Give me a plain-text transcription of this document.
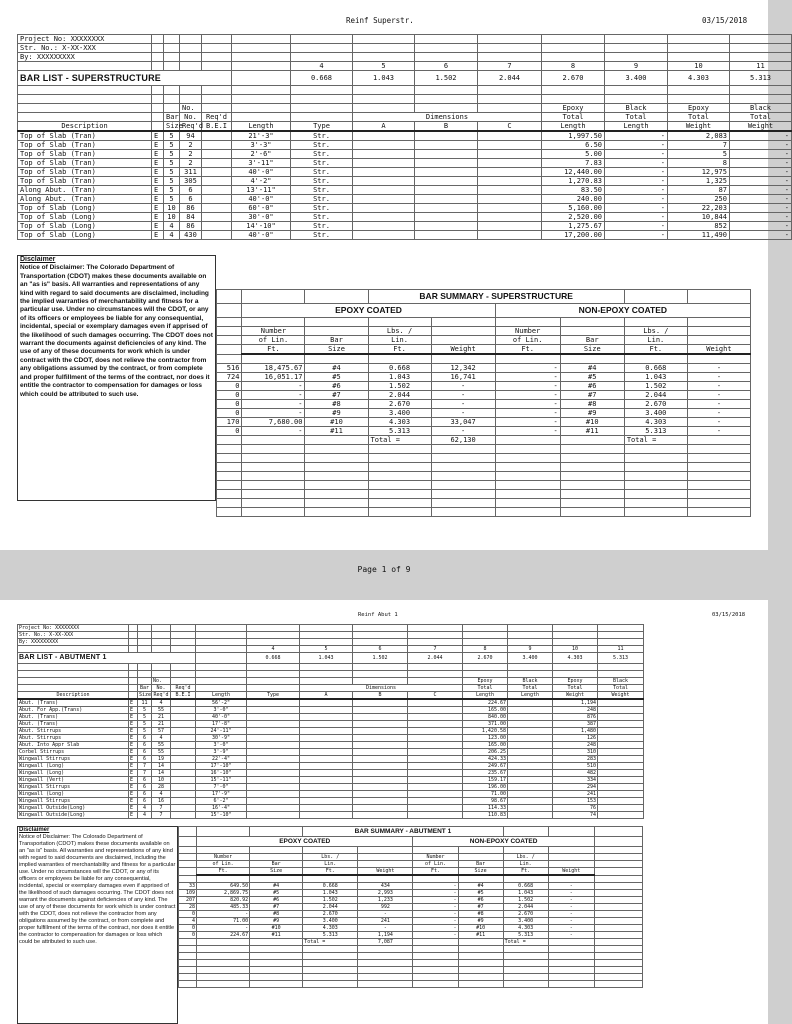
Reinf Superstr.	03/15/2018
Project No: XXXXXXXX													
Str. No.: X-XX-XXX													
By: XXXXXXXXX													
						4	5	6	7	8	9	10	11
BAR LIST - SUPERSTRUCTURE						0.668	1.043	1.502	2.044	2.670	3.400	4.303	5.313

			No.							Epoxy	Black	Epoxy	Black
		Bar	No.	Req'd			Dimensions			Total	Total	Total	Total
Description		Size	Req'd	B.E.I	Length	Type	A	B	C	Length	Length	Weight	Weight
Top of Slab (Tran)	E	5	94		21'-3"	Str.				1,997.50	-	2,083	-
Top of Slab (Tran)	E	5	2		3'-3"	Str.				6.50	-	7	-
Top of Slab (Tran)	E	5	2		2'-6"	Str.				5.00	-	5	-
Top of Slab (Tran)	E	5	2		3'-11"	Str.				7.83	-	8	-
Top of Slab (Tran)	E	5	311		40'-0"	Str.				12,440.00	-	12,975	-
Top of Slab (Tran)	E	5	305		4'-2"	Str.				1,270.83	-	1,325	-
Along Abut. (Tran)	E	5	6		13'-11"	Str.				83.50	-	87	-
Along Abut. (Tran)	E	5	6		40'-0"	Str.				240.00	-	250	-
Top of Slab (Long)	E	10	86		60'-0"	Str.				5,160.00	-	22,203	-
Top of Slab (Long)	E	10	84		30'-0"	Str.				2,520.00	-	10,844	-
Top of Slab (Long)	E	4	86		14'-10"	Str.				1,275.67	-	852	-
Top of Slab (Long)	E	4	430		40'-0"	Str.				17,200.00	-	11,490	-
Disclaimer
Notice of Disclaimer: The Colorado Department of Transportation (CDOT) makes these documents available on an "as is" basis. All warranties and representations of any kind with regard to said documents are disclaimed, including the implied warranties of merchantability and fitness for a particular use. Under no circumstances will the CDOT, or any of its officers or employees be liable for any consequential, incidental, special or exemplary damages even if apprised of the likelihood of such damages occurring. The CDOT does not warrant the documents against deficiencies of any kind. The use of any of these documents for work which is under contract with the CDOT, does not relieve the contractor from any obligations assumed by the contract, or from complete and proper fulfillment of the terms of the contract, nor does it entitle the contractor to compensation for damages or loss which could be attributed to such use.
			BAR SUMMARY - SUPERSTRUCTURE					
	EPOXY COATED				NON-EPOXY COATED			

	Number		Lbs. /		Number		Lbs. /	
	of Lin.	Bar	Lin.		of Lin.	Bar	Lin.	
	Ft.	Size	Ft.	Weight	Ft.	Size	Ft.	Weight

516	18,475.67	#4	0.668	12,342	-	#4	0.668	-
724	16,051.17	#5	1.043	16,741	-	#5	1.043	-
0	-	#6	1.502	-	-	#6	1.502	-
0	-	#7	2.044	-	-	#7	2.044	-
0	-	#8	2.670	-	-	#8	2.670	-
0	-	#9	3.400	-	-	#9	3.400	-
170	7,680.00	#10	4.303	33,047	-	#10	4.303	-
0	-	#11	5.313	-	-	#11	5.313	-
			Total =	62,130			Total =	

Page 1 of 9
Reinf Abut 1	03/15/2018
Project No: XXXXXXXX													
Str. No.: X-XX-XXX													
By: XXXXXXXXX													
						4	5	6	7	8	9	10	11
BAR LIST - ABUTMENT 1						0.668	1.043	1.502	2.044	2.670	3.400	4.303	5.313

			No.							Epoxy	Black	Epoxy	Black
		Bar	No.	Req'd			Dimensions			Total	Total	Total	Total
Description		Size	Req'd	B.E.I	Length	Type	A	B	C	Length	Length	Weight	Weight
Abut. (Trans)	E	11	4		56'-2"					224.67		1,194	
Abut. For App.(Trans)	E	5	55		3'-0"					165.00		248	
Abut. (Trans)	E	5	21		40'-0"					840.00		876	
Abut. (Trans)	E	5	21		17'-8"					371.00		387	
Abut. Stirrups	E	5	57		24'-11"					1,420.58		1,480	
Abut. Stirrups	E	6	4		30'-9"					123.00		126	
Abut. Into Appr Slab	E	6	55		3'-0"					165.00		248	
Corbel Stirrups	E	6	55		3'-9"					206.25		310	
Wingwall Stirrups	E	6	19		22'-4"					424.33		283	
Wingwall (Long)	E	7	14		17'-10"					249.67		510	
Wingwall (Long)	E	7	14		16'-10"					235.67		482	
Wingwall (Vert)	E	6	10		15'-11"					159.17		334	
Wingwall Stirrups	E	6	28		7'-0"					196.00		294	
Wingwall (Long)	E	6	4		17'-9"					71.00		241	
Wingwall Stirrups	E	6	16		6'-2"					98.67		153	
Wingwall Outside(Long)	E	4	7		16'-4"					114.33		76	
Wingwall Outside(Long)	E	4	7		15'-10"					110.83		74	
Disclaimer
Notice of Disclaimer: The Colorado Department of Transportation (CDOT) makes these documents available on an "as is" basis. All warranties and representations of any kind with regard to said documents are disclaimed, including the implied warranties of merchantability and fitness for a particular use. Under no circumstances will the CDOT, or any of its officers or employees be liable for any consequential, incidental, special or exemplary damages even if apprised of the likelihood of such damages occurring. The CDOT does not warrant the documents against deficiencies of any kind. The use of any of these documents for work which is under contract with the CDOT, does not relieve the contractor from any obligations assumed by the contract, or from complete and proper fulfillment of the terms of the contract, nor does it entitle the contractor to compensation for damages or loss which could be attributed to such use.
			BAR SUMMARY - ABUTMENT 1						
	EPOXY COATED				NON-EPOXY COATED				

	Number		Lbs. /		Number		Lbs. /		
	of Lin.	Bar	Lin.		of Lin.	Bar	Lin.		
	Ft.	Size	Ft.	Weight	Ft.	Size	Ft.	Weight	

33	649.50	#4	0.668	434	-	#4	0.668	-	
109	2,869.75	#5	1.043	2,993	-	#5	1.043	-	
207	820.92	#6	1.502	1,233	-	#6	1.502	-	
28	485.33	#7	2.044	992	-	#7	2.044	-	
0	-	#8	2.670	-	-	#8	2.670	-	
4	71.00	#9	3.400	241	-	#9	3.400	-	
0	-	#10	4.303	-	-	#10	4.303	-	
0	224.67	#11	5.313	1,194	-	#11	5.313	-	
			Total =	7,087			Total =		
